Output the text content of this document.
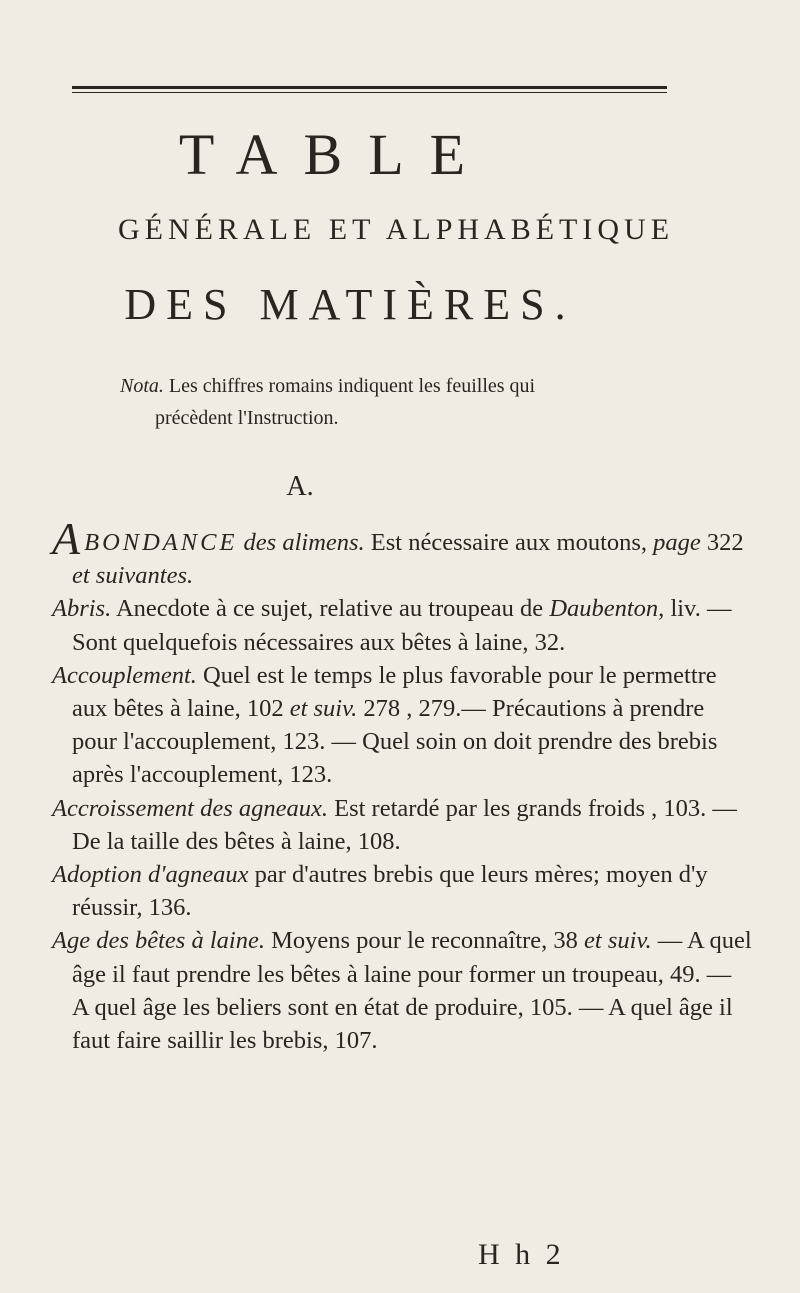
TABLE
GÉNÉRALE ET ALPHABÉTIQUE
DES MATIÈRES.
Nota. Les chiffres romains indiquent les feuilles qui
précèdent l'Instruction.
A.

ABONDANCE des alimens. Est nécessaire aux moutons, page 322 et suivantes.

Abris. Anecdote à ce sujet, relative au troupeau de Daubenton, liv. — Sont quelquefois nécessaires aux bêtes à laine, 32.

Accouplement. Quel est le temps le plus favorable pour le permettre aux bêtes à laine, 102 et suiv. 278 , 279.— Précautions à prendre pour l'accouplement, 123. — Quel soin on doit prendre des brebis après l'accouplement, 123.

Accroissement des agneaux. Est retardé par les grands froids , 103. — De la taille des bêtes à laine, 108.

Adoption d'agneaux par d'autres brebis que leurs mères; moyen d'y réussir, 136.

Age des bêtes à laine. Moyens pour le reconnaître, 38 et suiv. — A quel âge il faut prendre les bêtes à laine pour former un troupeau, 49. — A quel âge les beliers sont en état de produire, 105. — A quel âge il faut faire saillir les brebis, 107.

H h 2
